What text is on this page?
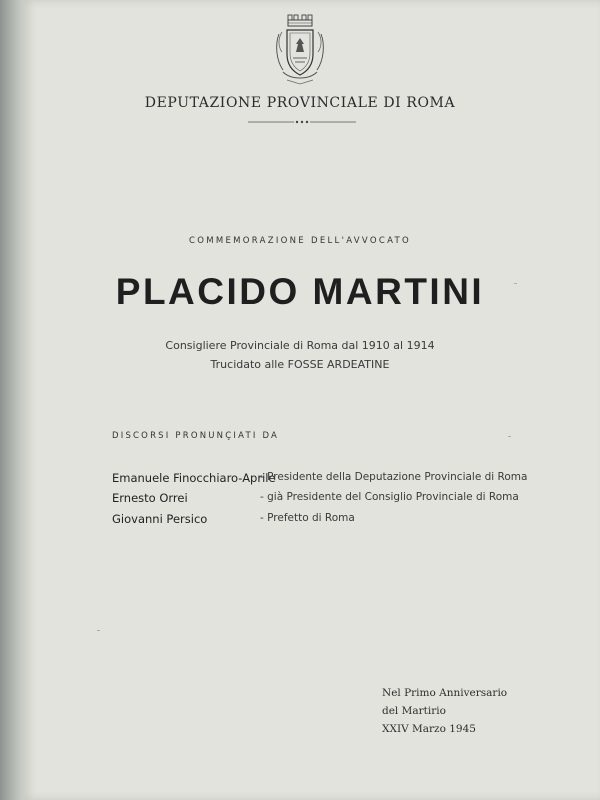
DEPUTAZIONE PROVINCIALE DI ROMA
COMMEMORAZIONE DELL'AVVOCATO
PLACIDO MARTINI
Consigliere Provinciale di Roma dal 1910 al 1914
Trucidato alle FOSSE ARDEATINE
DISCORSI PRONUNÇIATI DA
Emanuele Finocchiaro-Aprile
- Presidente della Deputazione Provinciale di Roma
Ernesto Orrei	- già Presidente del Consiglio Provinciale di Roma
Giovanni Persico	- Prefetto di Roma
Nel Primo Anniversario
del Martirio
XXIV Marzo 1945
